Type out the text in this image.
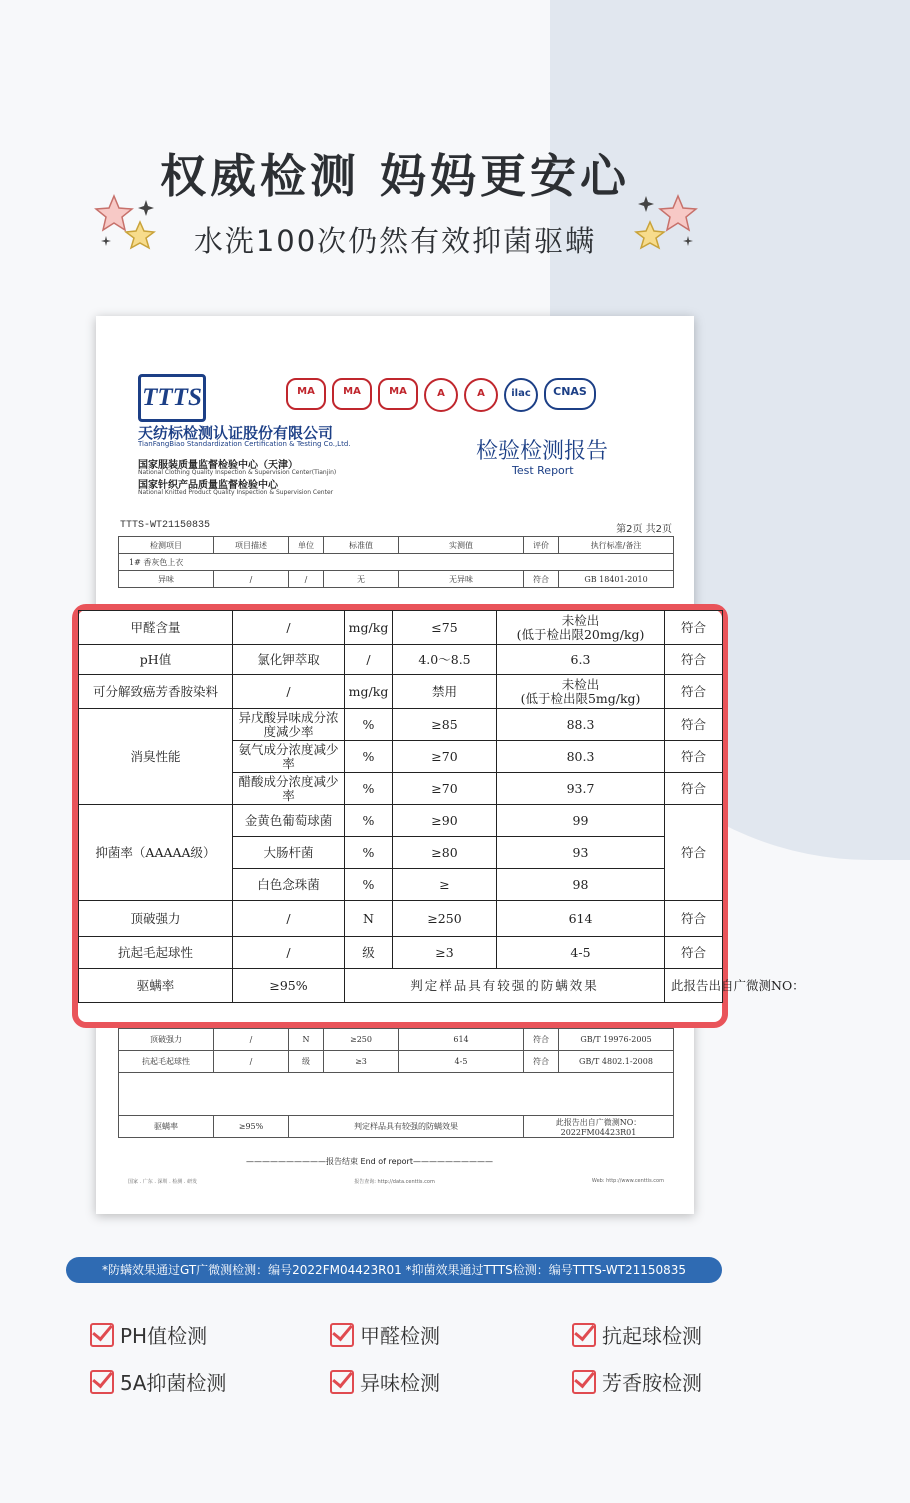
权威检测 妈妈更安心
水洗100次仍然有效抑菌驱螨
TTTS	MA	MA	MA	A	A	ilac	CNAS
天纺标检测认证股份有限公司
TianFangBiao Standardization Certification & Testing Co.,Ltd.
国家服装质量监督检验中心（天津）
National Clothing Quality Inspection & Supervision Center(Tianjin)
国家针织产品质量监督检验中心
National Knitted Product Quality Inspection & Supervision Center
检验检测报告
Test Report
TTTS-WT21150835	第2页 共2页
检测项目	项目描述	单位	标准值	实测值	评价	执行标准/备注
1# 香灰色上衣						
异味	/	/	无	无异味	符合	GB 18401-2010
顶破强力	/	N	≥250	614	符合	GB/T 19976-2005
抗起毛起球性	/	级	≥3	4-5	符合	GB/T 4802.1-2008

驱螨率	≥95%	判定样品具有较强的防螨效果			此报告出自广微测NO：2022FM04423R01	
——————————报告结束 End of report——————————
国家 . 广东 . 深圳 . 检测 . 研发	报告查询: http://data.centtis.com	Web: http://www.centtis.com
甲醛含量	/	mg/kg	≤75	未检出
(低于检出限20mg/kg)	符合
pH值	氯化钾萃取	/	4.0～8.5	6.3	符合
可分解致癌芳香胺染料	/	mg/kg	禁用	未检出
(低于检出限5mg/kg)	符合
消臭性能	异戊酸异味成分浓度减少率	%	≥85	88.3	符合
	氨气成分浓度减少率	%	≥70	80.3	符合
	醋酸成分浓度减少率	%	≥70	93.7	符合
抑菌率（AAAAA级）	金黄色葡萄球菌	%	≥90	99	符合
	大肠杆菌	%	≥80	93	
	白色念珠菌	%	≥	98	
顶破强力	/	N	≥250	614	符合
抗起毛起球性	/	级	≥3	4-5	符合
驱螨率	≥95%	判定样品具有较强的防螨效果			此报告出自广微测NO：
*防螨效果通过GT广微测检测：编号2022FM04423R01 *抑菌效果通过TTTS检测：编号TTTS-WT21150835
PH值检测	甲醛检测	抗起球检测
5A抑菌检测	异味检测	芳香胺检测
